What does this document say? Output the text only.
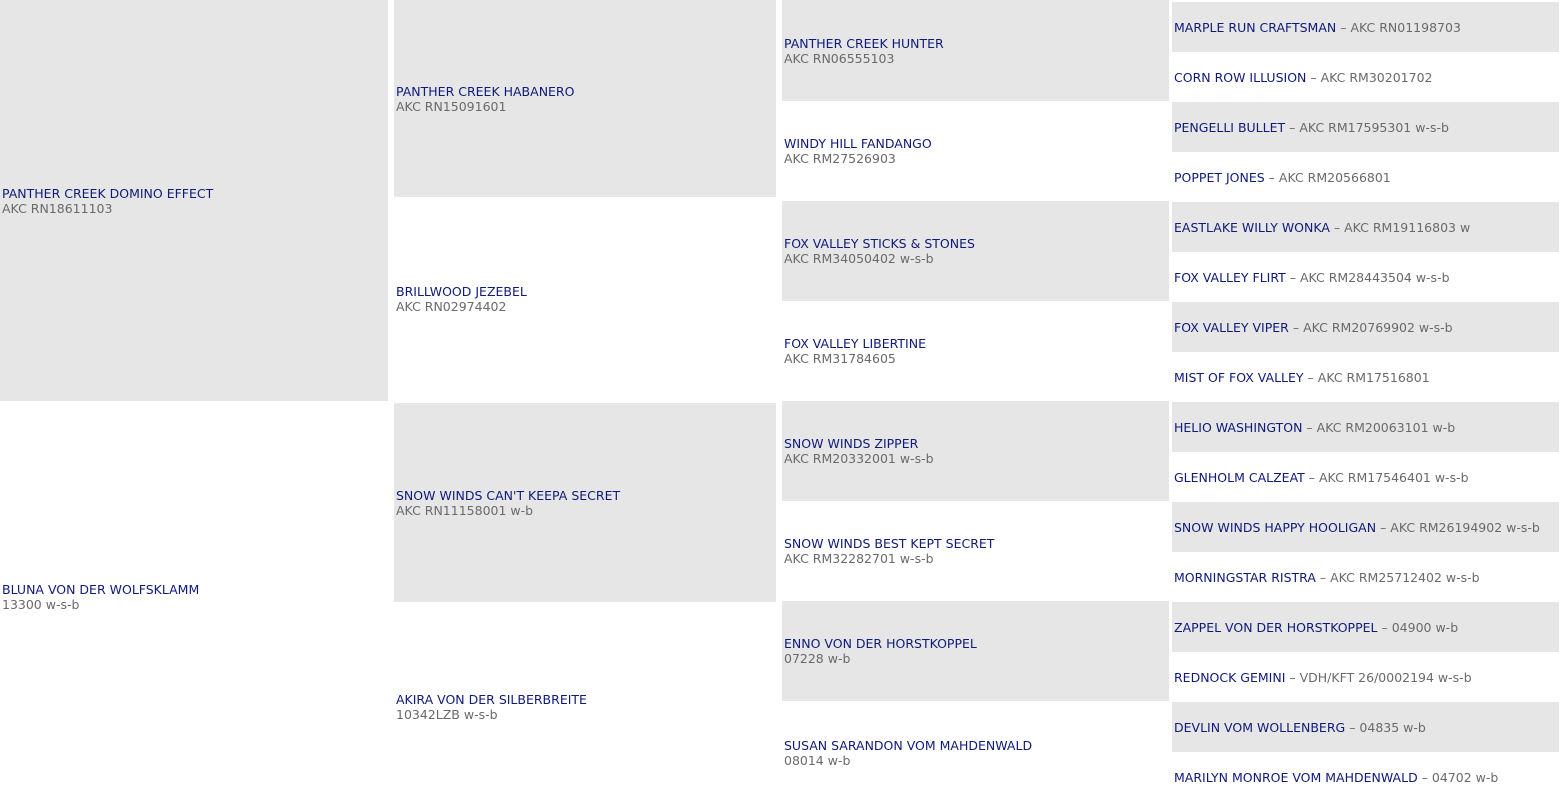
PANTHER CREEK DOMINO EFFECT
AKC RN18611103
BLUNA VON DER WOLFSKLAMM
13300 w-s-b
PANTHER CREEK HABANERO
AKC RN15091601
BRILLWOOD JEZEBEL
AKC RN02974402
SNOW WINDS CAN'T KEEPA SECRET
AKC RN11158001 w-b
AKIRA VON DER SILBERBREITE
10342LZB w-s-b
PANTHER CREEK HUNTER
AKC RN06555103
WINDY HILL FANDANGO
AKC RM27526903
FOX VALLEY STICKS & STONES
AKC RM34050402 w-s-b
FOX VALLEY LIBERTINE
AKC RM31784605
SNOW WINDS ZIPPER
AKC RM20332001 w-s-b
SNOW WINDS BEST KEPT SECRET
AKC RM32282701 w-s-b
ENNO VON DER HORSTKOPPEL
07228 w-b
SUSAN SARANDON VOM MAHDENWALD
08014 w-b
MARPLE RUN CRAFTSMAN
–
AKC RN01198703
CORN ROW ILLUSION
–
AKC RM30201702
PENGELLI BULLET
–
AKC RM17595301 w-s-b
POPPET JONES
–
AKC RM20566801
EASTLAKE WILLY WONKA
–
AKC RM19116803 w
FOX VALLEY FLIRT
–
AKC RM28443504 w-s-b
FOX VALLEY VIPER
–
AKC RM20769902 w-s-b
MIST OF FOX VALLEY
–
AKC RM17516801
HELIO WASHINGTON
–
AKC RM20063101 w-b
GLENHOLM CALZEAT
–
AKC RM17546401 w-s-b
SNOW WINDS HAPPY HOOLIGAN
–
AKC RM26194902 w-s-b
MORNINGSTAR RISTRA
–
AKC RM25712402 w-s-b
ZAPPEL VON DER HORSTKOPPEL
–
04900 w-b
REDNOCK GEMINI
–
VDH/KFT 26/0002194 w-s-b
DEVLIN VOM WOLLENBERG
–
04835 w-b
MARILYN MONROE VOM MAHDENWALD
–
04702 w-b
